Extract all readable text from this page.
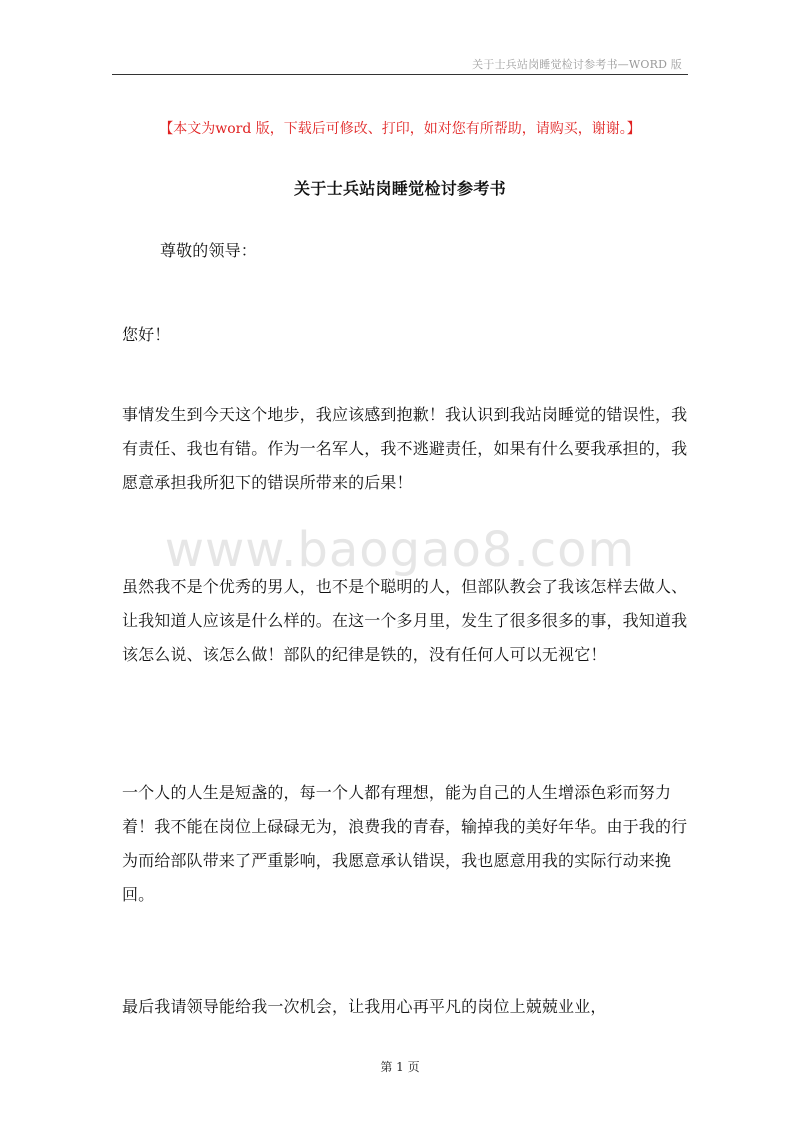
关于士兵站岗睡觉检讨参考书—WORD 版
【本文为word 版，下载后可修改、打印，如对您有所帮助，请购买，谢谢。】
关于士兵站岗睡觉检讨参考书

尊敬的领导：

您好！

www.baogao8.com

事情发生到今天这个地步，我应该感到抱歉！我认识到我站岗睡觉的错误性，我有责任、我也有错。作为一名军人，我不逃避责任，如果有什么要我承担的，我愿意承担我所犯下的错误所带来的后果！

虽然我不是个优秀的男人，也不是个聪明的人，但部队教会了我该怎样去做人、让我知道人应该是什么样的。在这一个多月里，发生了很多很多的事，我知道我该怎么说、该怎么做！部队的纪律是铁的，没有任何人可以无视它！

一个人的人生是短盏的，每一个人都有理想，能为自己的人生增添色彩而努力着！我不能在岗位上碌碌无为，浪费我的青春，输掉我的美好年华。由于我的行为而给部队带来了严重影响，我愿意承认错误，我也愿意用我的实际行动来挽回。

最后我请领导能给我一次机会，让我用心再平凡的岗位上兢兢业业，

第 1 页
